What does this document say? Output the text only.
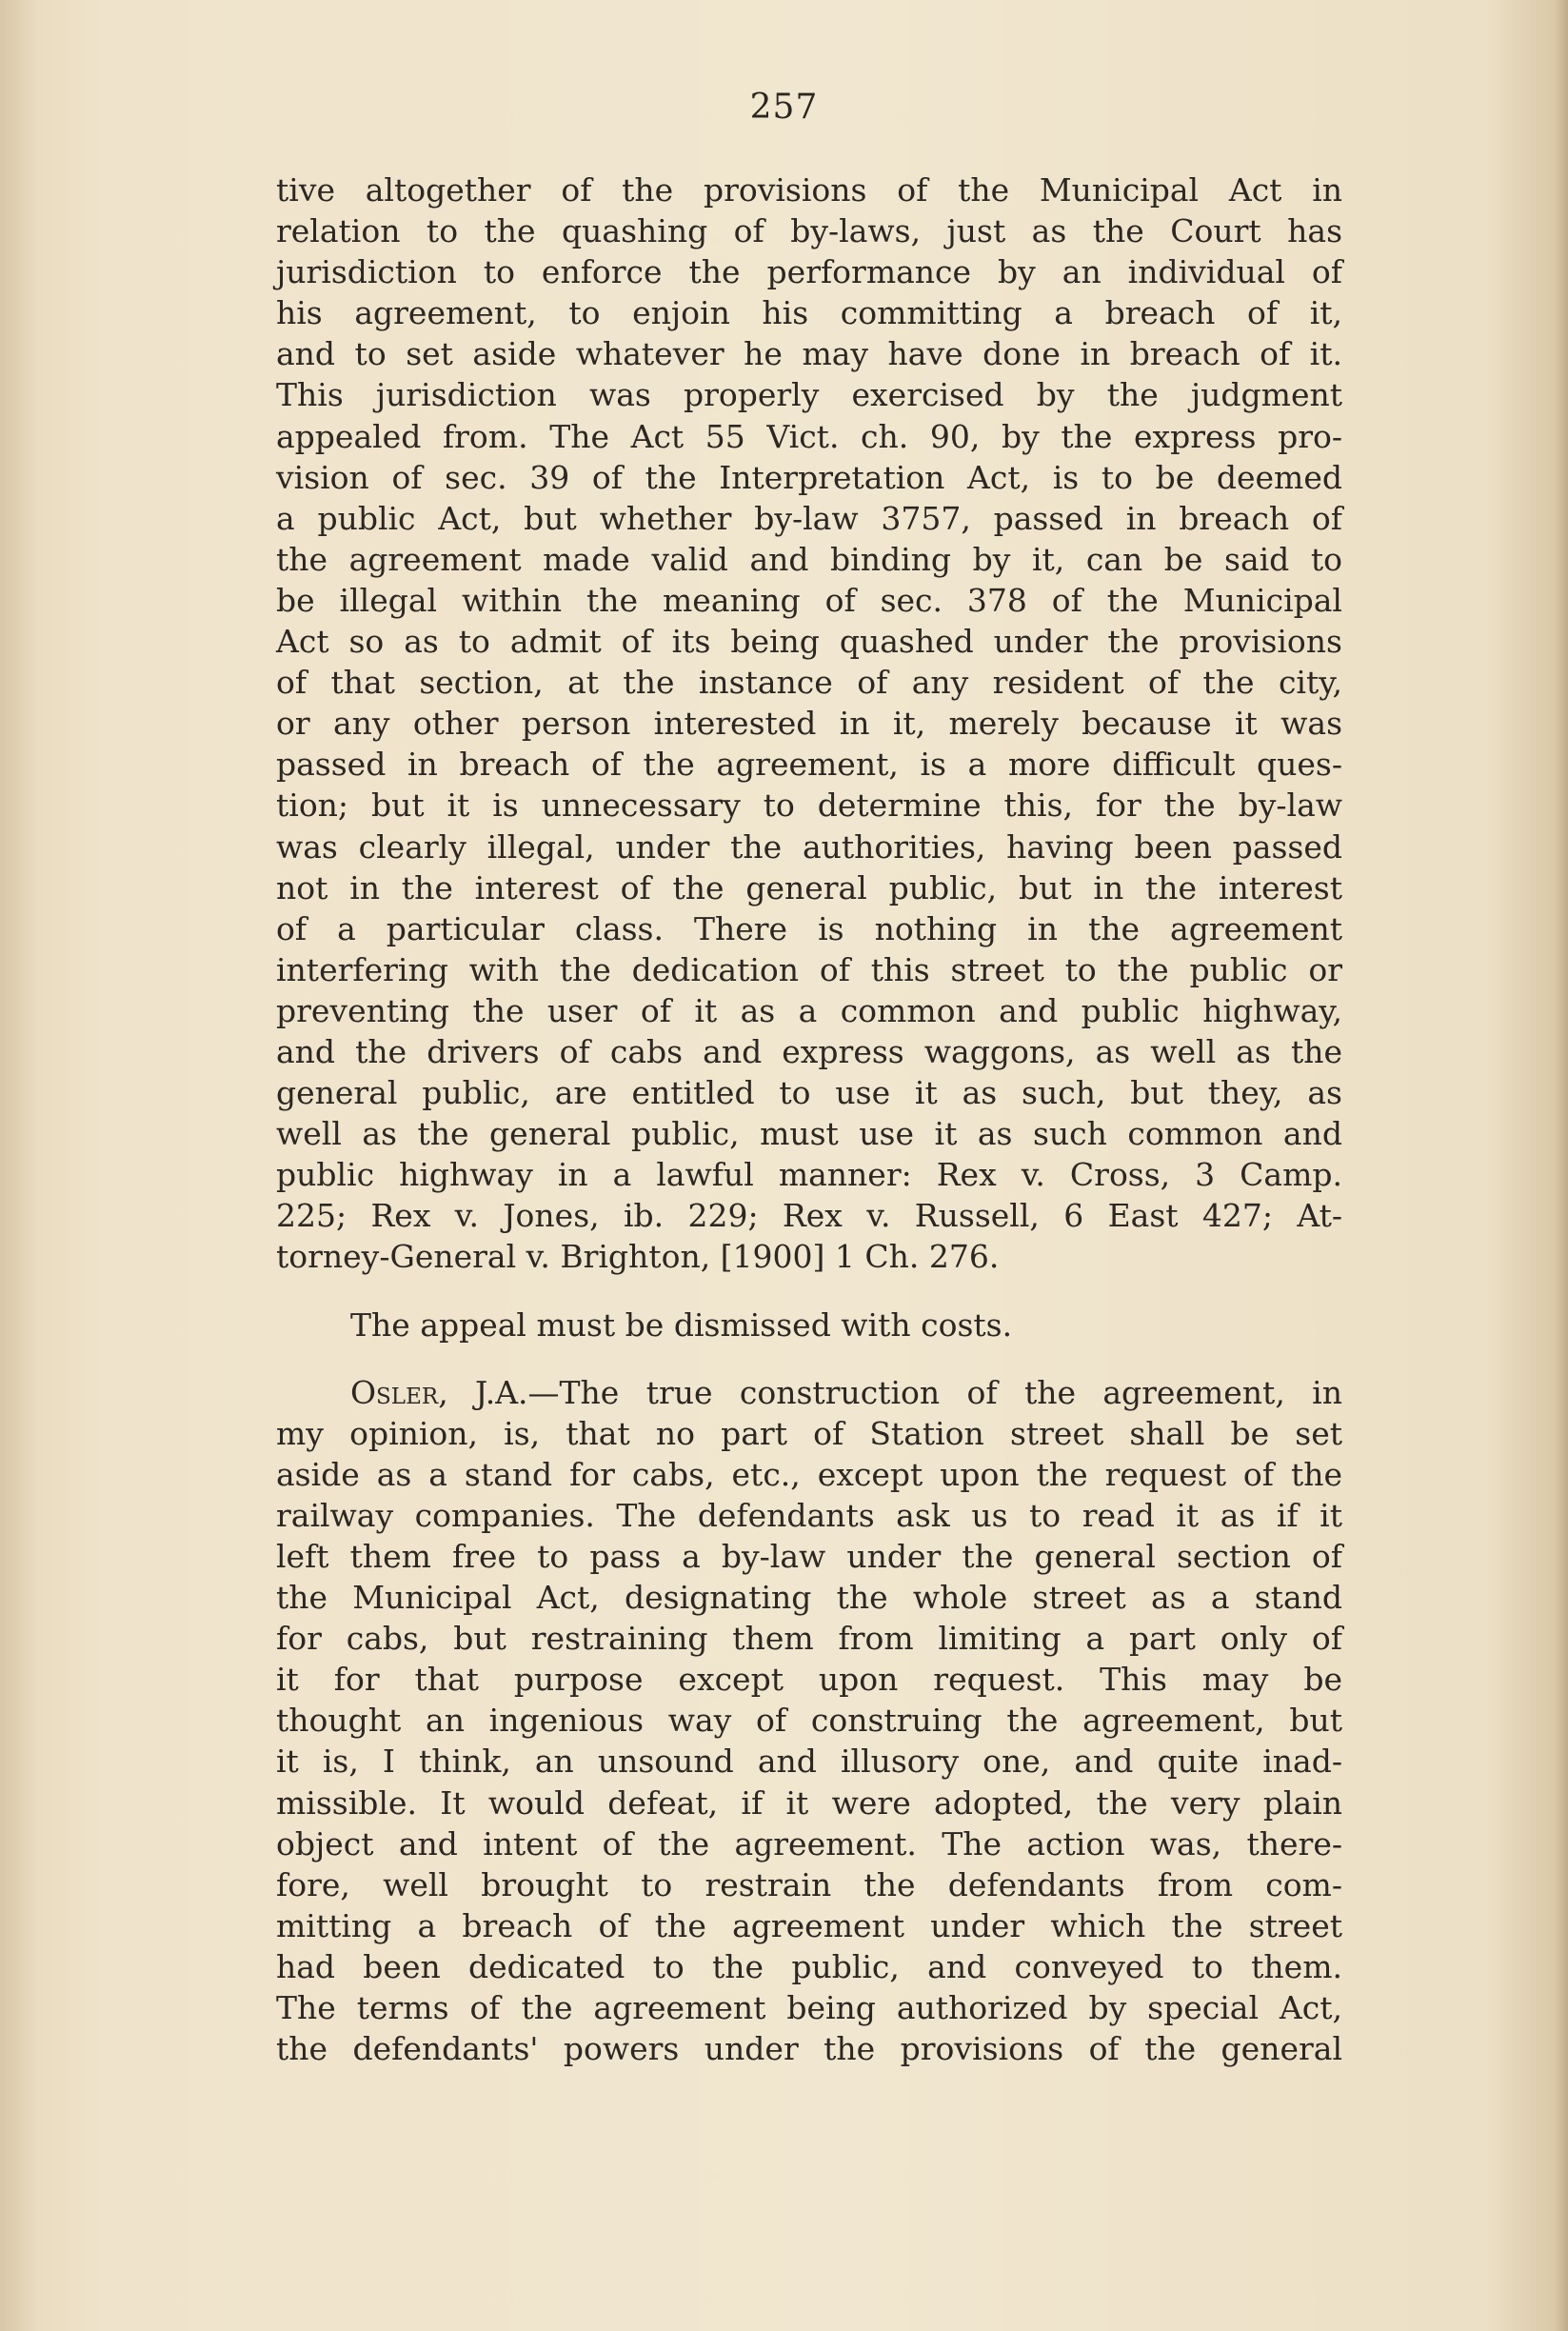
257
tive altogether of the provisions of the Municipal Act in
relation to the quashing of by-laws, just as the Court has
jurisdiction to enforce the performance by an individual of
his agreement, to enjoin his committing a breach of it,
and to set aside whatever he may have done in breach of it.
This jurisdiction was properly exercised by the judgment
appealed from. The Act 55 Vict. ch. 90, by the express pro-
vision of sec. 39 of the Interpretation Act, is to be deemed
a public Act, but whether by-law 3757, passed in breach of
the agreement made valid and binding by it, can be said to
be illegal within the meaning of sec. 378 of the Municipal
Act so as to admit of its being quashed under the provisions
of that section, at the instance of any resident of the city,
or any other person interested in it, merely because it was
passed in breach of the agreement, is a more difficult ques-
tion; but it is unnecessary to determine this, for the by-law
was clearly illegal, under the authorities, having been passed
not in the interest of the general public, but in the interest
of a particular class. There is nothing in the agreement
interfering with the dedication of this street to the public or
preventing the user of it as a common and public highway,
and the drivers of cabs and express waggons, as well as the
general public, are entitled to use it as such, but they, as
well as the general public, must use it as such common and
public highway in a lawful manner: Rex v. Cross, 3 Camp.
225; Rex v. Jones, ib. 229; Rex v. Russell, 6 East 427; At-
torney-General v. Brighton, [1900] 1 Ch. 276.
The appeal must be dismissed with costs.
Osler, J.A.—The true construction of the agreement, in
my opinion, is, that no part of Station street shall be set
aside as a stand for cabs, etc., except upon the request of the
railway companies. The defendants ask us to read it as if it
left them free to pass a by-law under the general section of
the Municipal Act, designating the whole street as a stand
for cabs, but restraining them from limiting a part only of
it for that purpose except upon request. This may be
thought an ingenious way of construing the agreement, but
it is, I think, an unsound and illusory one, and quite inad-
missible. It would defeat, if it were adopted, the very plain
object and intent of the agreement. The action was, there-
fore, well brought to restrain the defendants from com-
mitting a breach of the agreement under which the street
had been dedicated to the public, and conveyed to them.
The terms of the agreement being authorized by special Act,
the defendants' powers under the provisions of the general
